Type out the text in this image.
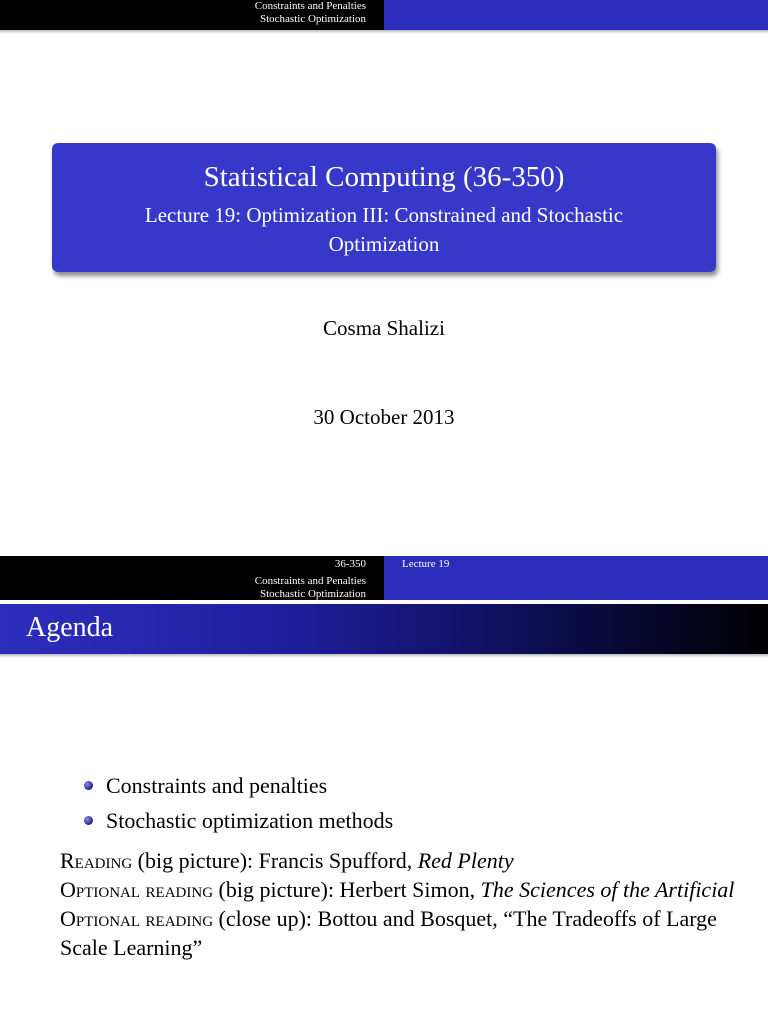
Constraints and Penalties
Stochastic Optimization
Statistical Computing (36-350)
Lecture 19: Optimization III: Constrained and Stochastic Optimization
Cosma Shalizi
30 October 2013
36-350
Constraints and Penalties
Stochastic Optimization
Lecture 19
Agenda
Constraints and penalties
Stochastic optimization methods

Reading (big picture): Francis Spufford, Red Plenty

Optional reading (big picture): Herbert Simon, The Sciences of the Artificial

Optional reading (close up): Bottou and Bosquet, “The Tradeoffs of Large Scale Learning”
